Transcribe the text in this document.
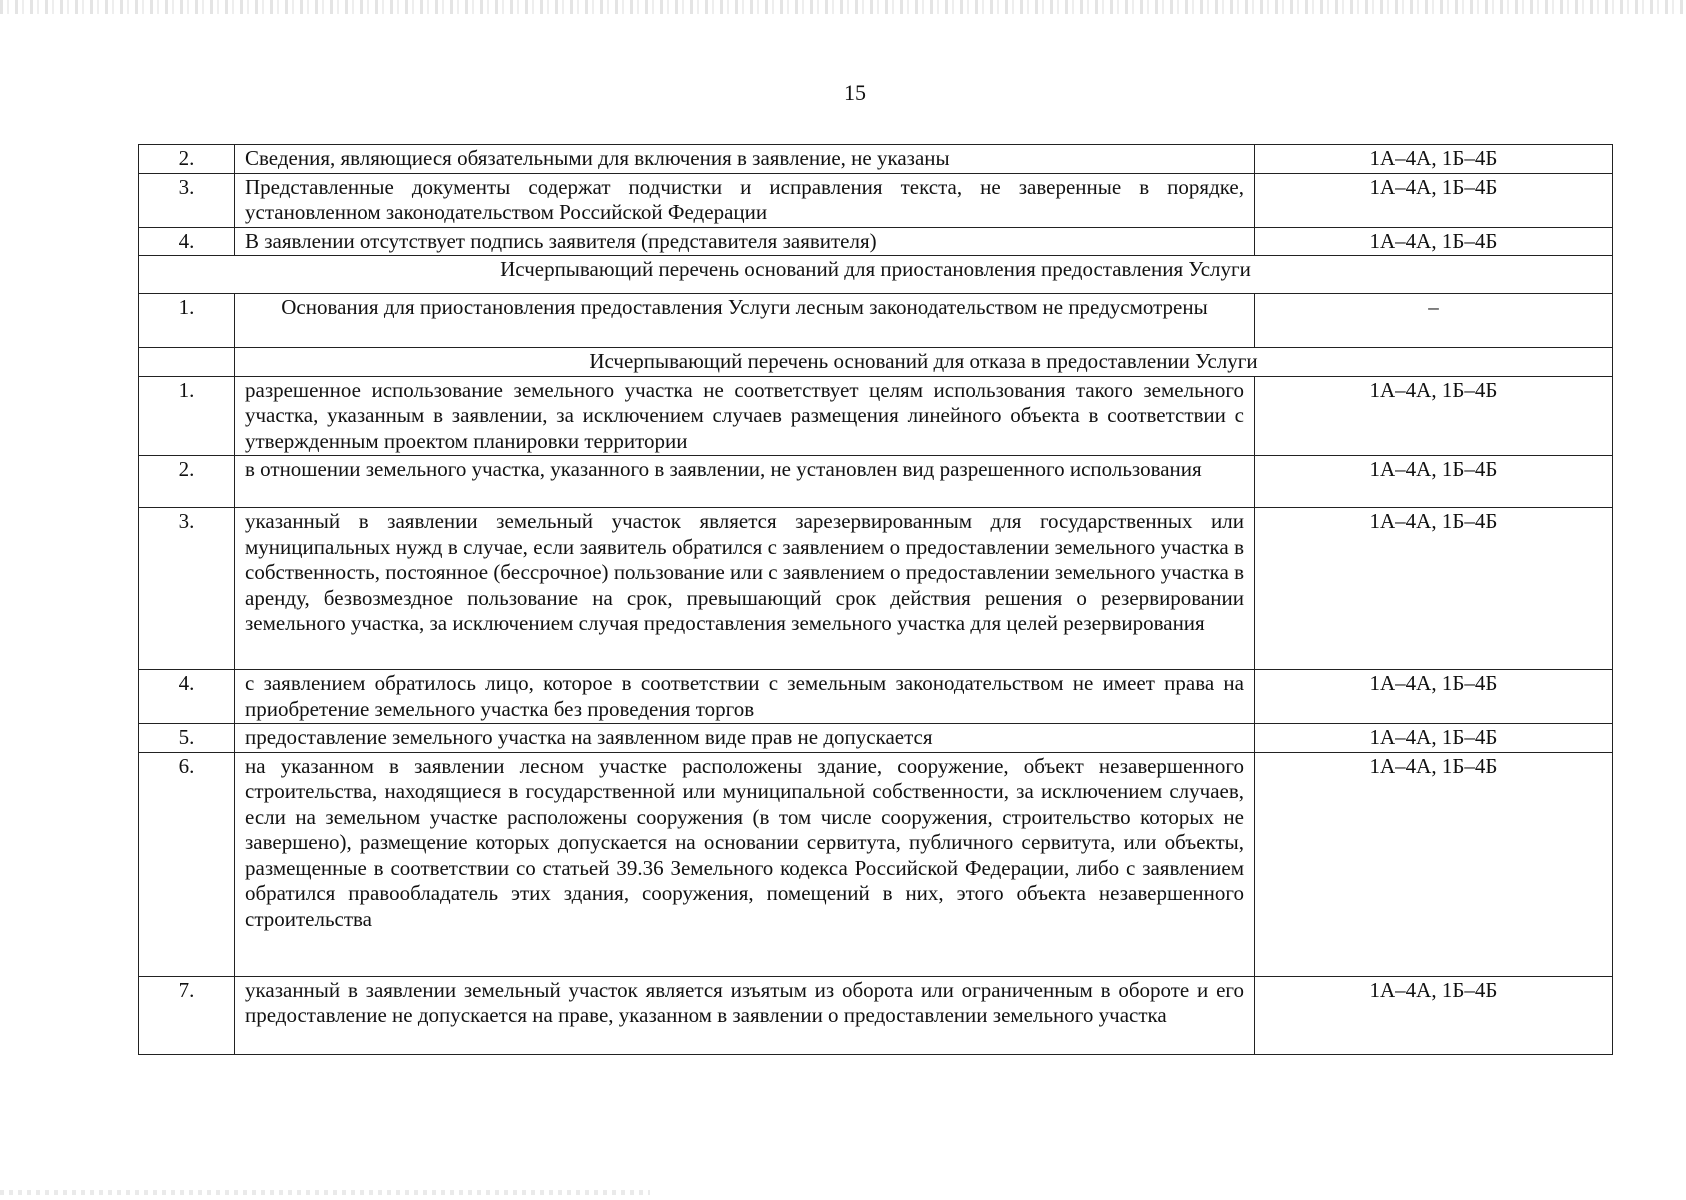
15
2.	Сведения, являющиеся обязательными для включения в заявление, не указаны	1А–4А, 1Б–4Б
3.	Представленные документы содержат подчистки и исправления текста, не заверенные в порядке, установленном законодательством Российской Федерации	1А–4А, 1Б–4Б
4.	В заявлении отсутствует подпись заявителя (представителя заявителя)	1А–4А, 1Б–4Б
Исчерпывающий перечень оснований для приостановления предоставления Услуги		
1.	Основания для приостановления предоставления Услуги лесным законодательством не предусмотрены	–
	Исчерпывающий перечень оснований для отказа в предоставлении Услуги	
1.	разрешенное использование земельного участка не соответствует целям использования такого земельного участка, указанным в заявлении, за исключением случаев размещения линейного объекта в соответствии с утвержденным проектом планировки территории	1А–4А, 1Б–4Б
2.	в отношении земельного участка, указанного в заявлении, не установлен вид разрешенного использования	1А–4А, 1Б–4Б
3.	указанный в заявлении земельный участок является зарезервированным для государственных или муниципальных нужд в случае, если заявитель обратился с заявлением о предоставлении земельного участка в собственность, постоянное (бессрочное) пользование или с заявлением о предоставлении земельного участка в аренду, безвозмездное пользование на срок, превышающий срок действия решения о резервировании земельного участка, за исключением случая предоставления земельного участка для целей резервирования	1А–4А, 1Б–4Б
4.	с заявлением обратилось лицо, которое в соответствии с земельным законодательством не имеет права на приобретение земельного участка без проведения торгов	1А–4А, 1Б–4Б
5.	предоставление земельного участка на заявленном виде прав не допускается	1А–4А, 1Б–4Б
6.	на указанном в заявлении лесном участке расположены здание, сооружение, объект незавершенного строительства, находящиеся в государственной или муниципальной собственности, за исключением случаев, если на земельном участке расположены сооружения (в том числе сооружения, строительство которых не завершено), размещение которых допускается на основании сервитута, публичного сервитута, или объекты, размещенные в соответствии со статьей 39.36 Земельного кодекса Российской Федерации, либо с заявлением обратился правообладатель этих здания, сооружения, помещений в них, этого объекта незавершенного строительства	1А–4А, 1Б–4Б
7.	указанный в заявлении земельный участок является изъятым из оборота или ограниченным в обороте и его предоставление не допускается на праве, указанном в заявлении о предоставлении земельного участка	1А–4А, 1Б–4Б
